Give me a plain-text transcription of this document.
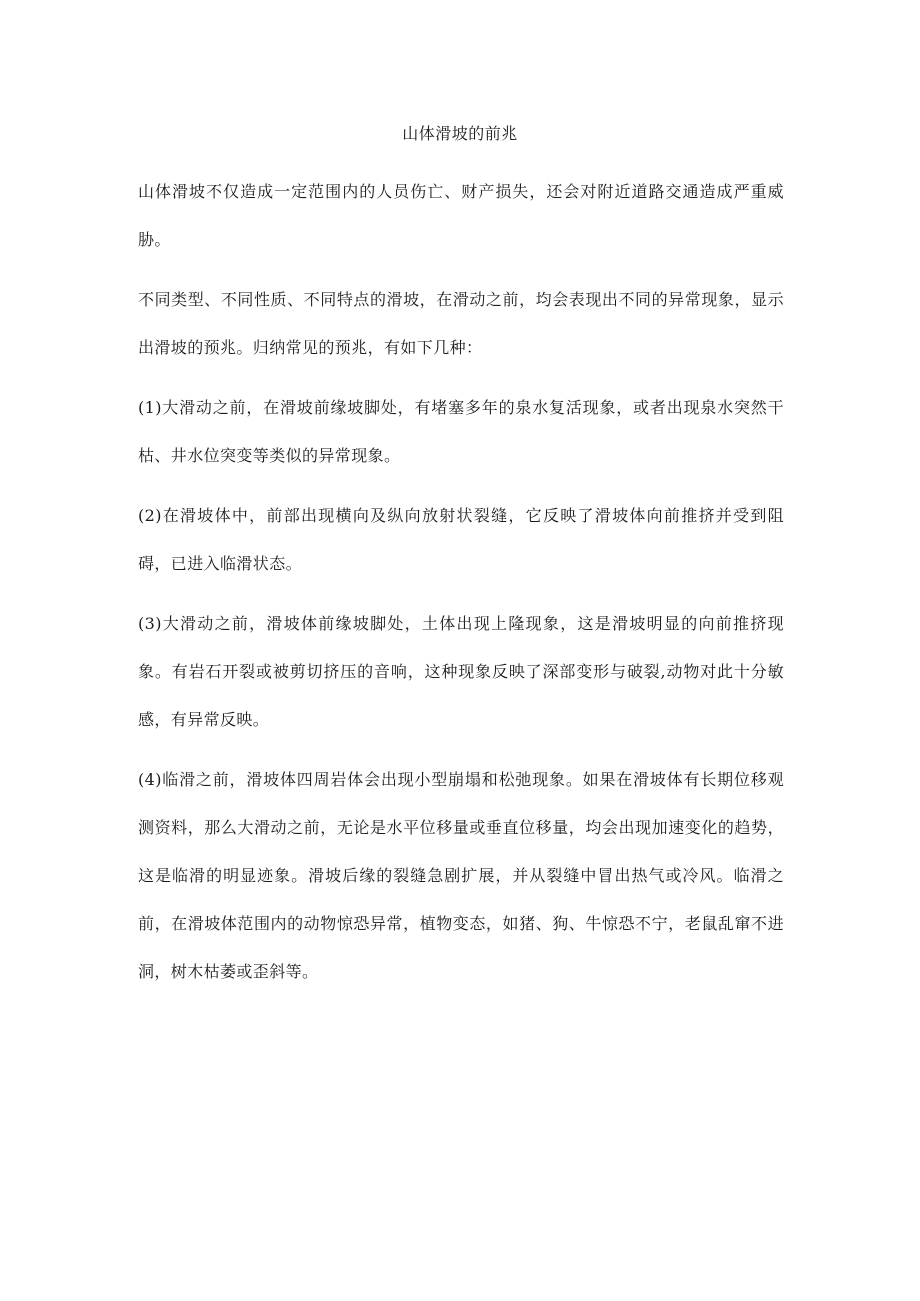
山体滑坡的前兆

山体滑坡不仅造成一定范围内的人员伤亡、财产损失，还会对附近道路交通造成严重威胁。

不同类型、不同性质、不同特点的滑坡，在滑动之前，均会表现出不同的异常现象，显示出滑坡的预兆。归纳常见的预兆，有如下几种：

(1)大滑动之前，在滑坡前缘坡脚处，有堵塞多年的泉水复活现象，或者出现泉水突然干枯、井水位突变等类似的异常现象。

(2)在滑坡体中，前部出现横向及纵向放射状裂缝，它反映了滑坡体向前推挤并受到阻碍，已进入临滑状态。

(3)大滑动之前，滑坡体前缘坡脚处，土体出现上隆现象，这是滑坡明显的向前推挤现象。有岩石开裂或被剪切挤压的音响，这种现象反映了深部变形与破裂,动物对此十分敏感，有异常反映。

(4)临滑之前，滑坡体四周岩体会出现小型崩塌和松弛现象。如果在滑坡体有长期位移观测资料，那么大滑动之前，无论是水平位移量或垂直位移量，均会出现加速变化的趋势，这是临滑的明显迹象。滑坡后缘的裂缝急剧扩展，并从裂缝中冒出热气或冷风。临滑之前，在滑坡体范围内的动物惊恐异常，植物变态，如猪、狗、牛惊恐不宁，老鼠乱窜不进洞，树木枯萎或歪斜等。
